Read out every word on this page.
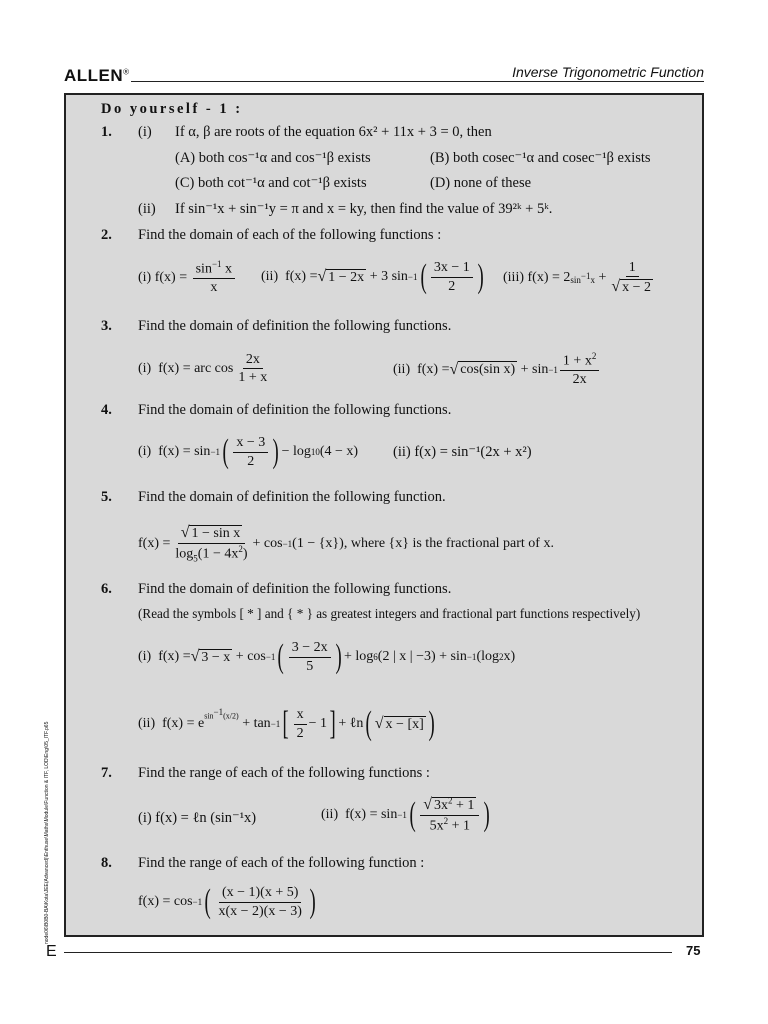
ALLEN®	Inverse Trigonometric Function
Do yourself - 1 :
1. (i) If α, β are roots of the equation 6x² + 11x + 3 = 0, then
(A) both cos⁻¹α and cos⁻¹β exists	(B) both cosec⁻¹α and cosec⁻¹β exists
(C) both cot⁻¹α and cot⁻¹β exists	(D) none of these
(ii) If sin⁻¹x + sin⁻¹y = π and x = ky, then find the value of 39²ᵏ + 5ᵏ.
2. Find the domain of each of the following functions :
(i) $f(x) = \frac{\sin^{-1} x}{x} (ii) f(x)$ = √ 1 − 2x + 3 sin −1 ( $\frac{3x - 1}{2}$ ) (iii) f(x) = 2 $\sin^{-1}x + \frac{1}{√ x - 2}$
3. Find the domain of definition the following functions.
(i)  f(x) = arc $\cos \frac{2x}{1 + x}$	(ii)  f(x) = √ cos(sin $x) + \sin -1 \frac{1 + x^2}{2x}$
4. Find the domain of definition the following functions.
(i)  f(x) = sin −1 ( $\frac{x - 3}{2}$ ) − log 10 (4 − x) (ii) f(x) = sin⁻¹(2x + x²)
5. Find the domain of definition the following function.
$f(x) = \frac{\text{√ 1 − sin x}}{\log_5(1 - 4x^2)} + \cos -1$ (1 − {x}) , where {x} is the fractional part of x.
6. Find the domain of definition the following functions.
(Read the symbols [ * ] and { * } as greatest integers and fractional part functions respectively)
(i)  f(x) = √ 3 − x + cos −1 ( $\frac{3 - 2x}{5}$ ) + log 6 (2 | x | −3) + sin −1 (log 2 x)
(ii)  $f(x) = e^{sin^{-1}(x/2)} + \tan_{-1}$ [ $\frac{x}{2} - 1$ ] + ℓn ( √ x − [x] )
7. Find the range of each of the following functions :
(i) f(x) = ℓn (sin⁻¹x)	(ii)  f(x) = sin −1 ( $\frac{√ 3x^2 + 1}{5x^2 + 1}$ )
8. Find the range of each of the following function :
f(x) = cos −1 ( $\frac{(x - 1)(x + 5)}{x(x - 2)(x - 3)}$ )
node06\B0B0-BA\Kota\JEE(Advanced)\Enthuse\Maths\Module\Function & ITF, LOD\Eng\05_ITF.p65
E	75
